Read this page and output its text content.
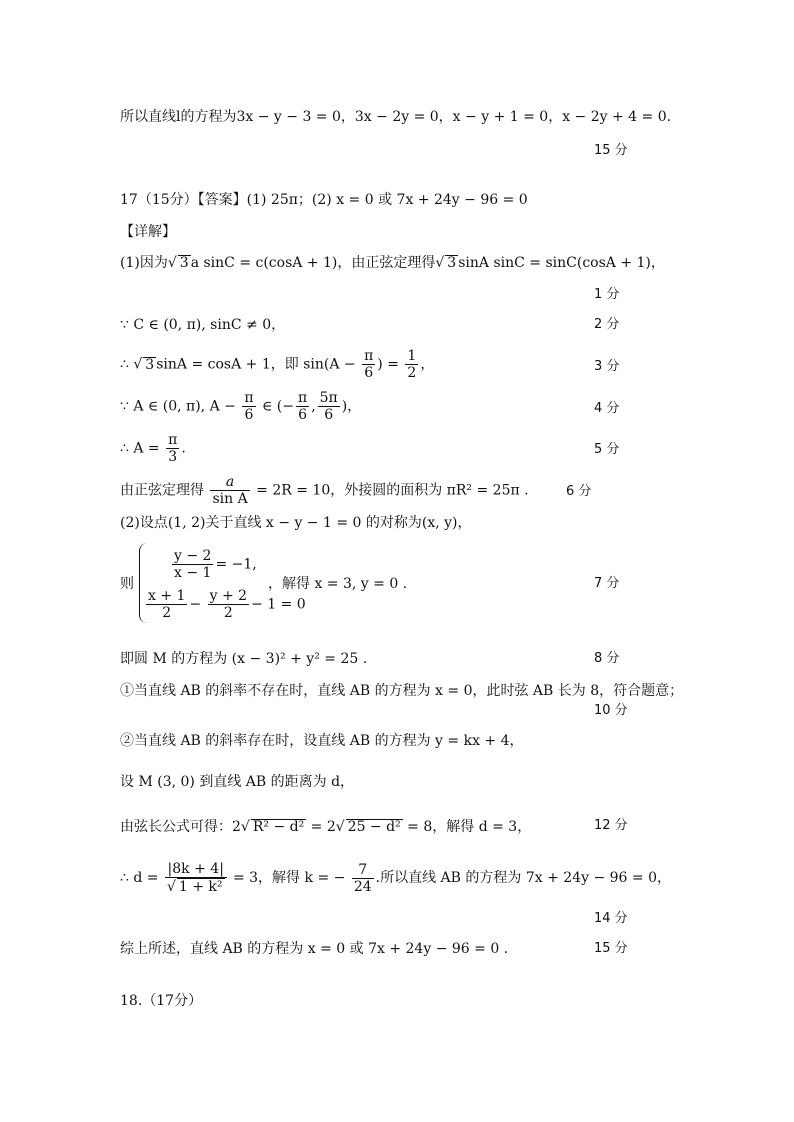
所以直线l的方程为3x − y − 3 = 0，3x − 2y = 0，x − y + 1 = 0，x − 2y + 4 = 0.
15 分
17（15分）【答案】(1) 25π；(2) x = 0 或 7x + 24y − 96 = 0
【详解】
(1)因为√ 3 a sinC = c(cosA + 1)，由正弦定理得√ 3 sinA sinC = sinC(cosA + 1)，
1 分
∵ C ∈ (0, π), sinC ≠ 0，	2 分
∴ √ 3 sinA = cosA + 1，即 $\sin(A - \frac{\pi}{6}$ ) = $\frac{1}{2}$ ，	3 分
∵ A ∈ (0, π), $A - \frac{\pi}{6}$ ∈ (− $\frac{\pi}{6}$ , $\frac{5\pi}{6}$ )，	4 分
∴ $A = \frac{\pi}{3}$ .	5 分
由正弦定理得 $\frac{a}{\text{sin A}} = 2R = 10$，外接圆的面积为 πR² = 25π .	6 分
(2)设点(1, 2)关于直线 x − y − 1 = 0 的对称为(x, y)，
则
$\frac{y - 2}{x - 1} = -1$,
$\frac{x + 1}{2} - \frac{y + 2}{2} - 1 = 0$
，解得 x = 3, y = 0 .	7 分
即圆 M 的方程为 (x − 3)² + y² = 25 .	8 分
①当直线 AB 的斜率不存在时，直线 AB 的方程为 x = 0，此时弦 AB 长为 8，符合题意；
10 分
②当直线 AB 的斜率存在时，设直线 AB 的方程为 y = kx + 4，
设 M (3, 0) 到直线 AB 的距离为 d，
由弦长公式可得：2√ R² − d² = 2√ 25 − d² = 8，解得 d = 3，	12 分
∴ $d = \frac{|8k + 4|}{\text{√ 1 + k²}} = 3$，解得 k = − $\frac{7}{24}$ .所以直线 AB 的方程为 7x + 24y − 96 = 0，
14 分
综上所述，直线 AB 的方程为 x = 0 或 7x + 24y − 96 = 0 .	15 分
18.（17分）
